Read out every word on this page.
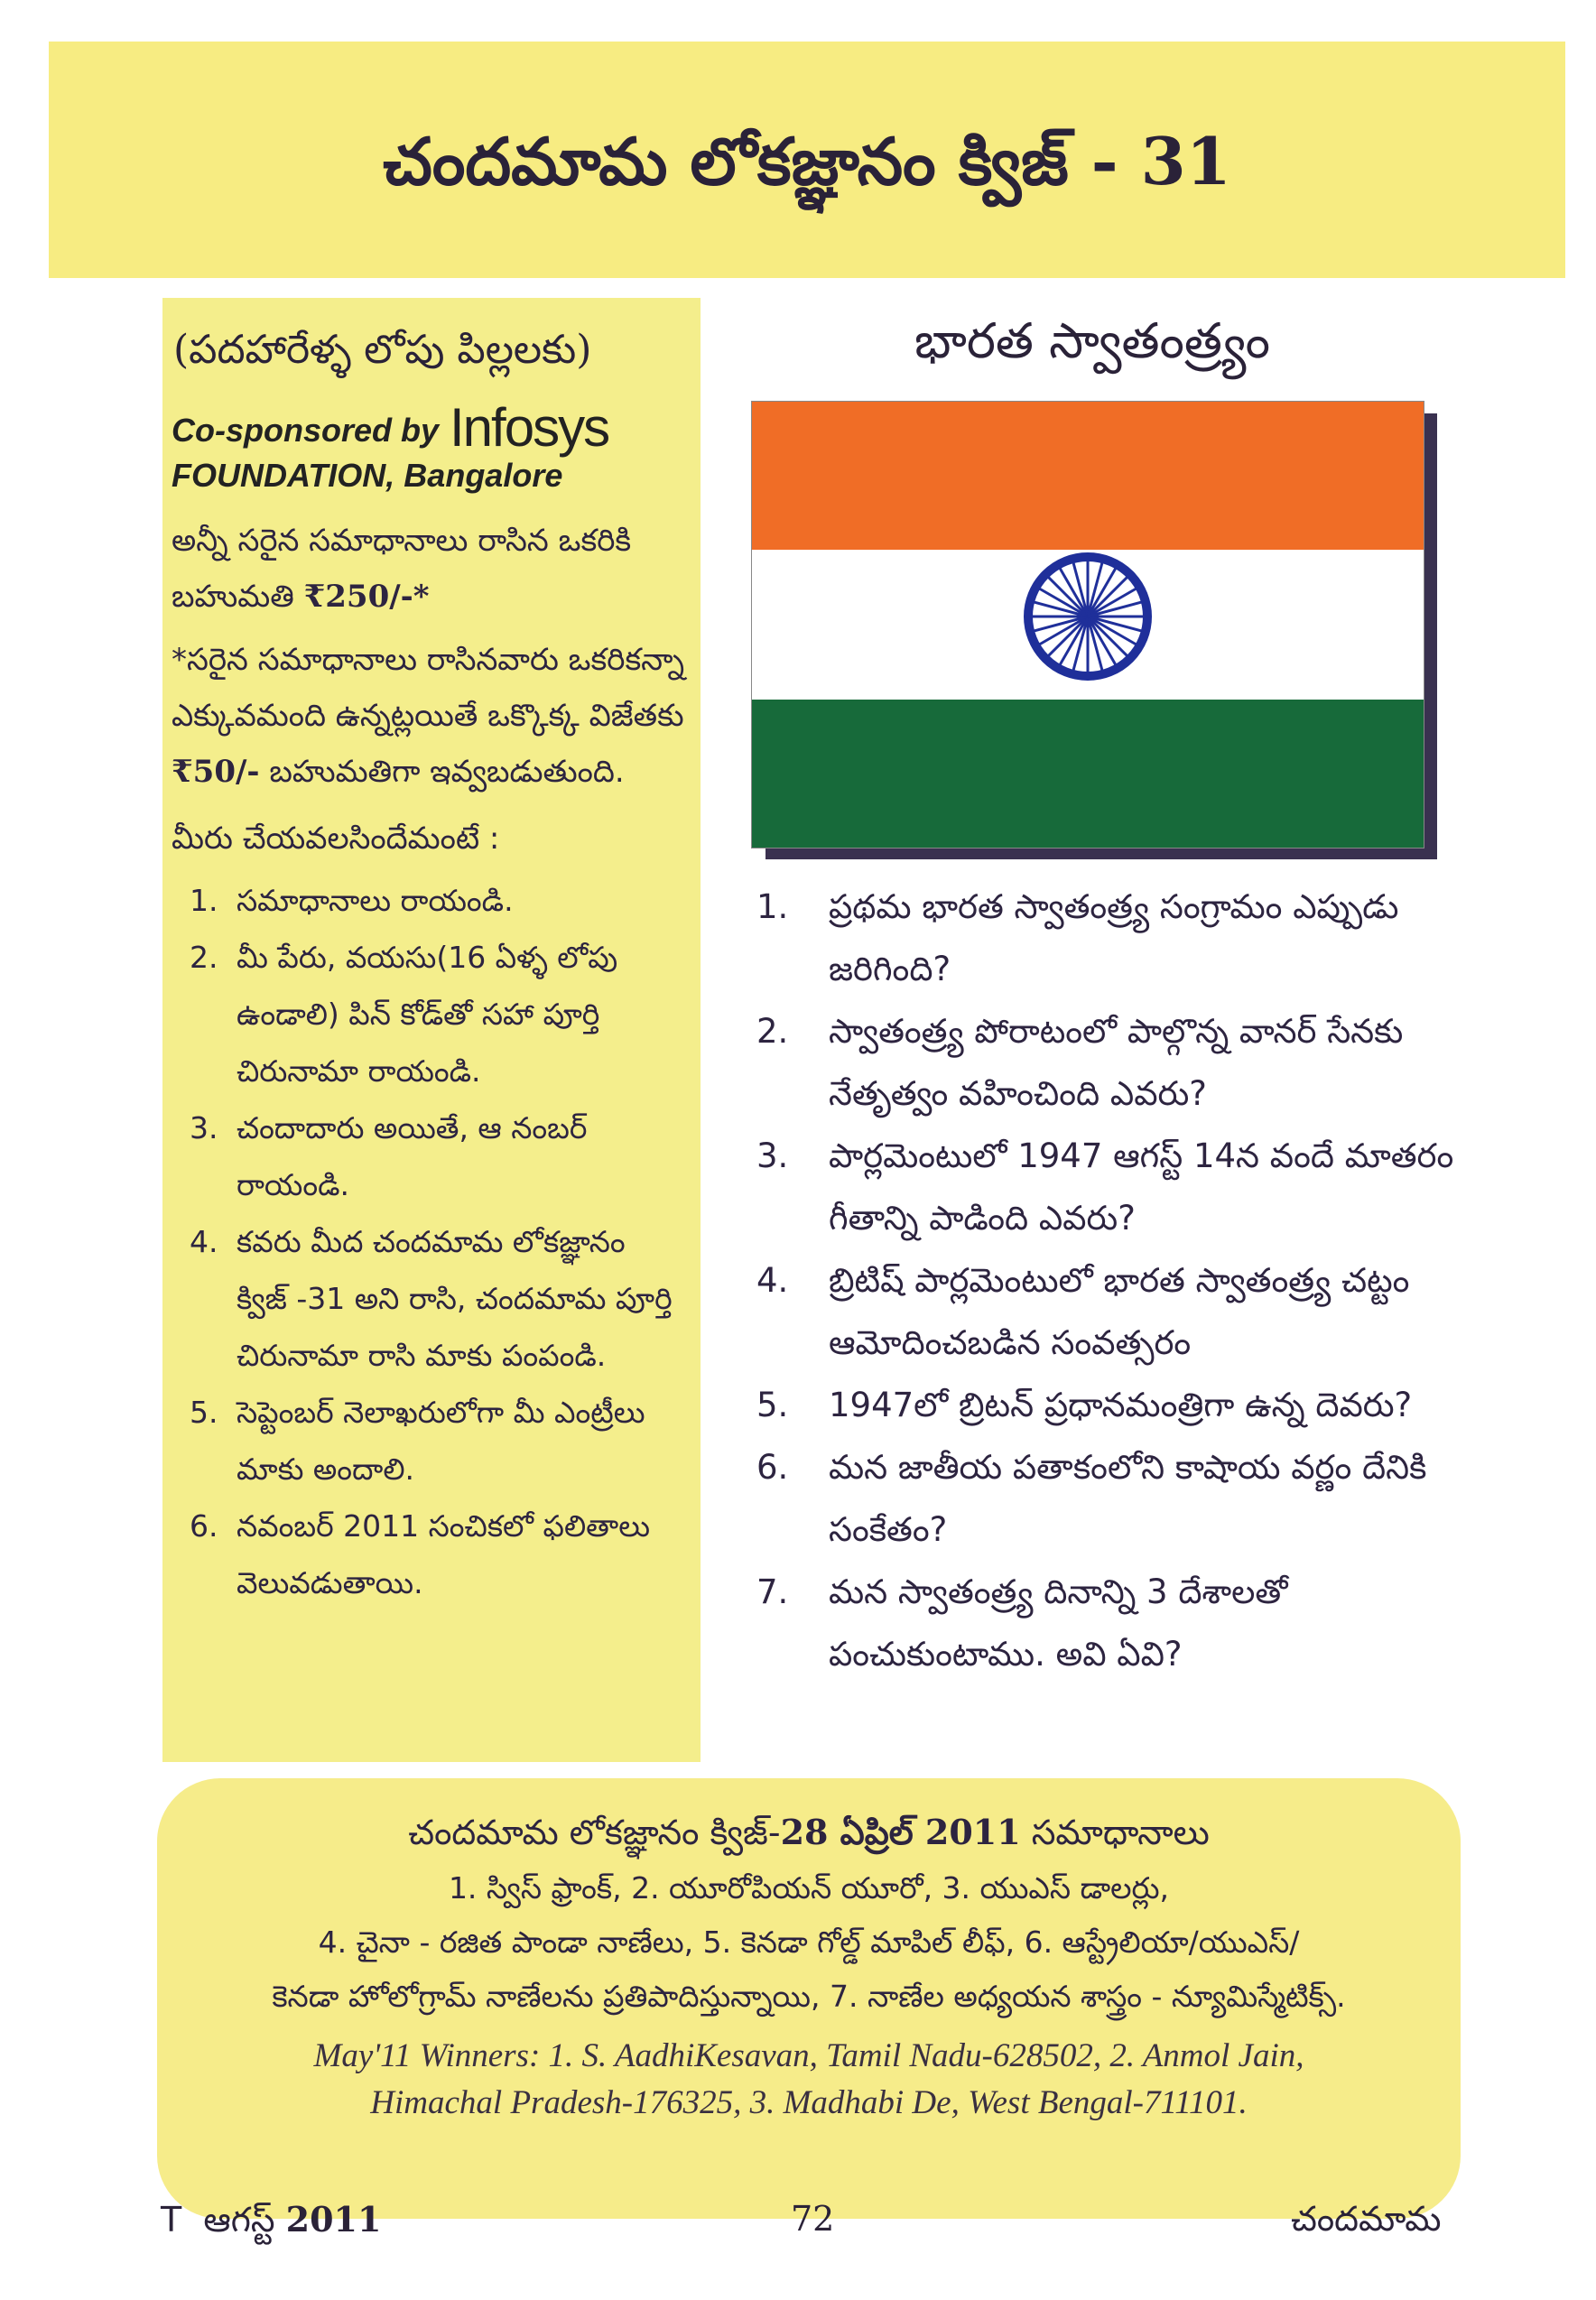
చందమామ లోకజ్ఞానం క్విజ్ - 31
(పదహారేళ్ళ లోపు పిల్లలకు)
Co-sponsored by Infosys
FOUNDATION, Bangalore
అన్నీ సరైన సమాధానాలు రాసిన ఒకరికి బహుమతి ₹250/-*
*సరైన సమాధానాలు రాసినవారు ఒకరికన్నా ఎక్కువమంది ఉన్నట్లయితే ఒక్కొక్క విజేతకు ₹50/- బహుమతిగా ఇవ్వబడుతుంది.
మీరు చేయవలసిందేమంటే :
1. సమాధానాలు రాయండి.
2. మీ పేరు, వయసు(16 ఏళ్ళ లోపు ఉండాలి) పిన్ కోడ్‌తో సహా పూర్తి చిరునామా రాయండి.
3. చందాదారు అయితే, ఆ నంబర్ రాయండి.
4. కవరు మీద చందమామ లోకజ్ఞానం క్విజ్ -31 అని రాసి, చందమామ పూర్తి చిరునామా రాసి మాకు పంపండి.
5. సెప్టెంబర్ నెలాఖరులోగా మీ ఎంట్రీలు మాకు అందాలి.
6. నవంబర్ 2011 సంచికలో ఫలితాలు వెలువడుతాయి.
భారత స్వాతంత్ర్యం
1.	ప్రథమ భారత స్వాతంత్ర్య సంగ్రామం ఎప్పుడు జరిగింది?
2.	స్వాతంత్ర్య పోరాటంలో పాల్గొన్న వానర్ సేనకు నేతృత్వం వహించింది ఎవరు?
3.	పార్లమెంటులో 1947 ఆగస్ట్ 14న వందే మాతరం గీతాన్ని పాడింది ఎవరు?
4.	బ్రిటిష్ పార్లమెంటులో భారత స్వాతంత్ర్య చట్టం ఆమోదించబడిన సంవత్సరం
5.	1947లో బ్రిటన్ ప్రధానమంత్రిగా ఉన్న దెవరు?
6.	మన జాతీయ పతాకంలోని కాషాయ వర్ణం దేనికి సంకేతం?
7.	మన స్వాతంత్ర్య దినాన్ని 3 దేశాలతో పంచుకుంటాము. అవి ఏవి?
చందమామ లోకజ్ఞానం క్విజ్-28 ఏప్రిల్ 2011 సమాధానాలు
1. స్విస్ ఫ్రాంక్, 2. యూరోపియన్ యూరో, 3. యుఎస్ డాలర్లు,
4. చైనా - రజిత పాండా నాణేలు, 5. కెనడా గోల్డ్ మాపిల్ లీఫ్, 6. ఆస్ట్రేలియా/యుఎస్/
కెనడా హోలోగ్రామ్ నాణేలను ప్రతిపాదిస్తున్నాయి, 7. నాణేల అధ్యయన శాస్త్రం - న్యూమిస్మేటిక్స్.
May'11 Winners: 1. S. AadhiKesavan, Tamil Nadu-628502, 2. Anmol Jain,
Himachal Pradesh-176325, 3. Madhabi De, West Bengal-711101.
T ఆగస్ట్ 2011	72	చందమామ
